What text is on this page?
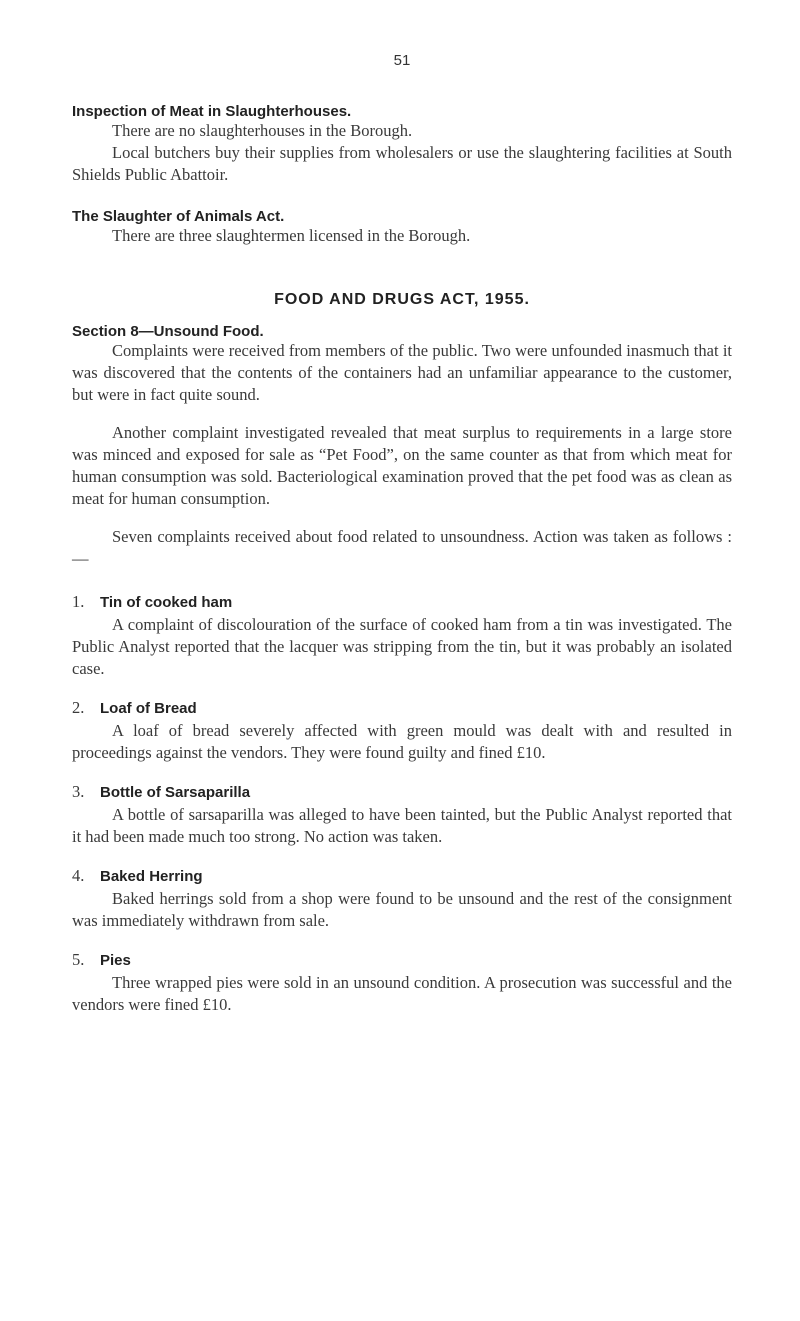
51
Inspection of Meat in Slaughterhouses.

There are no slaughterhouses in the Borough.

Local butchers buy their supplies from wholesalers or use the slaughtering facilities at South Shields Public Abattoir.

The Slaughter of Animals Act.

There are three slaughtermen licensed in the Borough.

FOOD AND DRUGS ACT, 1955.
Section 8—Unsound Food.

Complaints were received from members of the public. Two were unfounded inasmuch that it was discovered that the contents of the containers had an unfamiliar appearance to the customer, but were in fact quite sound.

Another complaint investigated revealed that meat surplus to requirements in a large store was minced and exposed for sale as “Pet Food”, on the same counter as that from which meat for human consumption was sold. Bacteriological examination proved that the pet food was as clean as meat for human consumption.

Seven complaints received about food related to unsoundness. Action was taken as follows :—

1.	Tin of cooked ham

A complaint of discolouration of the surface of cooked ham from a tin was investigated. The Public Analyst reported that the lacquer was stripping from the tin, but it was probably an isolated case.

2.	Loaf of Bread

A loaf of bread severely affected with green mould was dealt with and resulted in proceedings against the vendors. They were found guilty and fined £10.

3.	Bottle of Sarsaparilla

A bottle of sarsaparilla was alleged to have been tainted, but the Public Analyst reported that it had been made much too strong. No action was taken.

4.	Baked Herring

Baked herrings sold from a shop were found to be unsound and the rest of the consignment was immediately withdrawn from sale.

5.	Pies

Three wrapped pies were sold in an unsound condition. A prosecution was successful and the vendors were fined £10.
